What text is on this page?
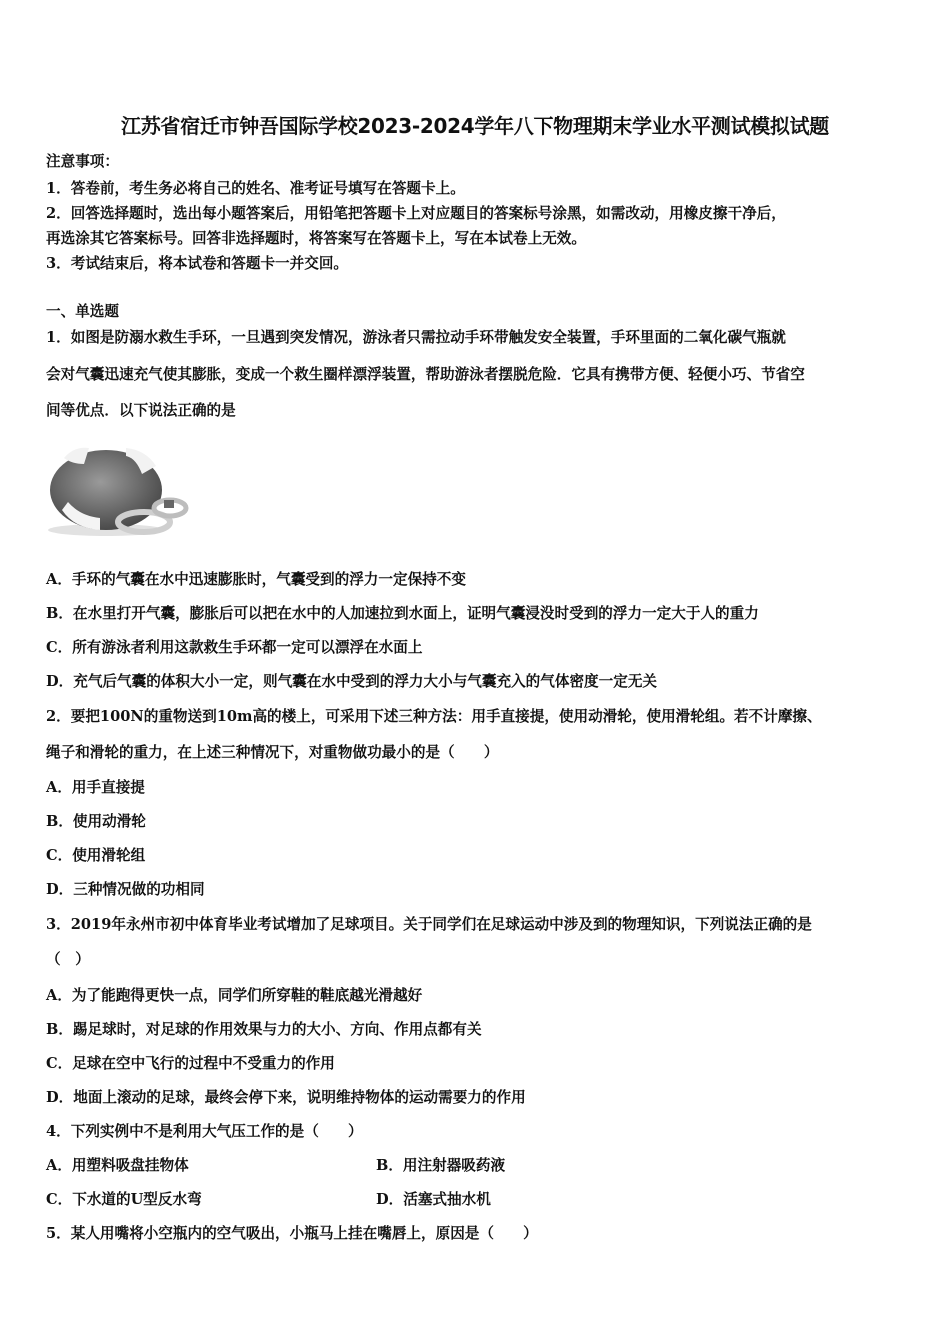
江苏省宿迁市钟吾国际学校2023-2024学年八下物理期末学业水平测试模拟试题
注意事项：
1．答卷前，考生务必将自己的姓名、准考证号填写在答题卡上。
2．回答选择题时，选出每小题答案后，用铅笔把答题卡上对应题目的答案标号涂黑，如需改动，用橡皮擦干净后，
再选涂其它答案标号。回答非选择题时，将答案写在答题卡上，写在本试卷上无效。
3．考试结束后，将本试卷和答题卡一并交回。
一、单选题
1．如图是防溺水救生手环，一旦遇到突发情况，游泳者只需拉动手环带触发安全装置，手环里面的二氧化碳气瓶就
会对气囊迅速充气使其膨胀，变成一个救生圈样漂浮装置，帮助游泳者摆脱危险．它具有携带方便、轻便小巧、节省空
间等优点．以下说法正确的是
A．手环的气囊在水中迅速膨胀时，气囊受到的浮力一定保持不变
B．在水里打开气囊，膨胀后可以把在水中的人加速拉到水面上，证明气囊浸没时受到的浮力一定大于人的重力
C．所有游泳者利用这款救生手环都一定可以漂浮在水面上
D．充气后气囊的体积大小一定，则气囊在水中受到的浮力大小与气囊充入的气体密度一定无关
2．要把100N的重物送到10m高的楼上，可采用下述三种方法：用手直接提，使用动滑轮，使用滑轮组。若不计摩擦、
绳子和滑轮的重力，在上述三种情况下，对重物做功最小的是（　　）
A．用手直接提
B．使用动滑轮
C．使用滑轮组
D．三种情况做的功相同
3．2019年永州市初中体育毕业考试增加了足球项目。关于同学们在足球运动中涉及到的物理知识，下列说法正确的是
（　）
A．为了能跑得更快一点，同学们所穿鞋的鞋底越光滑越好
B．踢足球时，对足球的作用效果与力的大小、方向、作用点都有关
C．足球在空中飞行的过程中不受重力的作用
D．地面上滚动的足球，最终会停下来，说明维持物体的运动需要力的作用
4．下列实例中不是利用大气压工作的是（　　）
A．用塑料吸盘挂物体	B．用注射器吸药液
C．下水道的U型反水弯	D．活塞式抽水机
5．某人用嘴将小空瓶内的空气吸出，小瓶马上挂在嘴唇上，原因是（　　）
